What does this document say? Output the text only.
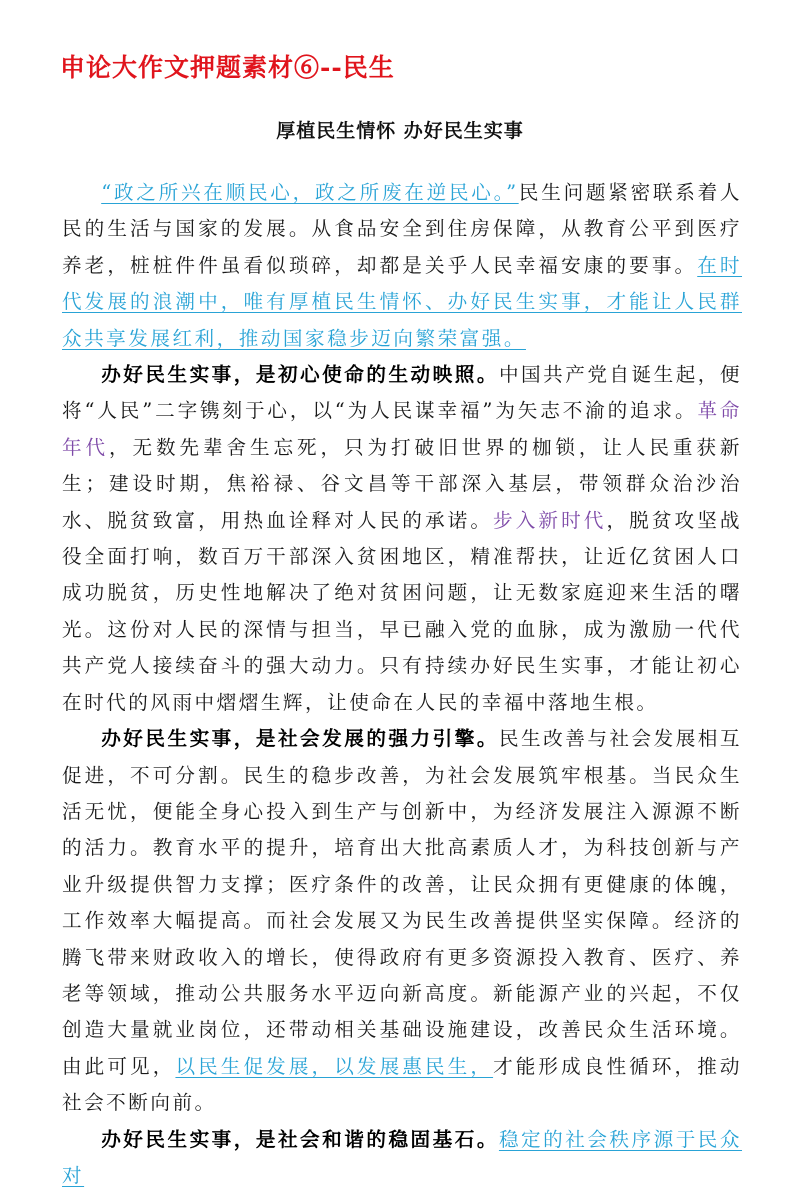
申论大作文押题素材⑥--民生
厚植民生情怀 办好民生实事

“政之所兴在顺民心，政之所废在逆民心。”民生问题紧密联系着人民的生活与国家的发展。从食品安全到住房保障，从教育公平到医疗养老，桩桩件件虽看似琐碎，却都是关乎人民幸福安康的要事。在时代发展的浪潮中，唯有厚植民生情怀、办好民生实事，才能让人民群众共享发展红利，推动国家稳步迈向繁荣富强。

办好民生实事，是初心使命的生动映照。中国共产党自诞生起，便将“人民”二字镌刻于心，以“为人民谋幸福”为矢志不渝的追求。革命年代，无数先辈舍生忘死，只为打破旧世界的枷锁，让人民重获新生；建设时期，焦裕禄、谷文昌等干部深入基层，带领群众治沙治水、脱贫致富，用热血诠释对人民的承诺。步入新时代，脱贫攻坚战役全面打响，数百万干部深入贫困地区，精准帮扶，让近亿贫困人口成功脱贫，历史性地解决了绝对贫困问题，让无数家庭迎来生活的曙光。这份对人民的深情与担当，早已融入党的血脉，成为激励一代代共产党人接续奋斗的强大动力。只有持续办好民生实事，才能让初心在时代的风雨中熠熠生辉，让使命在人民的幸福中落地生根。

办好民生实事，是社会发展的强力引擎。民生改善与社会发展相互促进，不可分割。民生的稳步改善，为社会发展筑牢根基。当民众生活无忧，便能全身心投入到生产与创新中，为经济发展注入源源不断的活力。教育水平的提升，培育出大批高素质人才，为科技创新与产业升级提供智力支撑；医疗条件的改善，让民众拥有更健康的体魄，工作效率大幅提高。而社会发展又为民生改善提供坚实保障。经济的腾飞带来财政收入的增长，使得政府有更多资源投入教育、医疗、养老等领域，推动公共服务水平迈向新高度。新能源产业的兴起，不仅创造大量就业岗位，还带动相关基础设施建设，改善民众生活环境。由此可见，以民生促发展，以发展惠民生，才能形成良性循环，推动社会不断向前。

办好民生实事，是社会和谐的稳固基石。稳定的社会秩序源于民众对
